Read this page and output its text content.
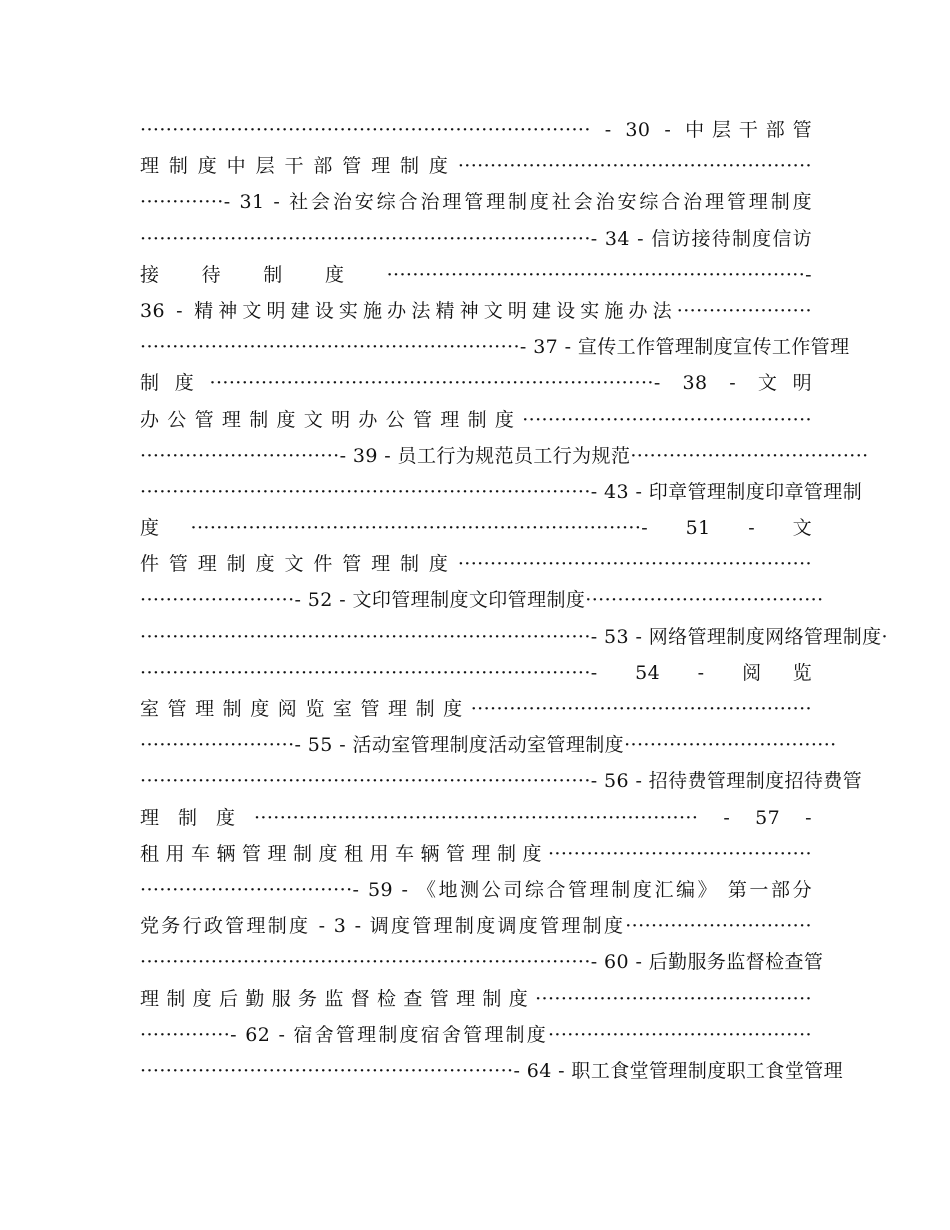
······································································ - 30 - 中层干部管
理制度中层干部管理制度·······················································
·············- 31 - 社会治安综合治理管理制度社会治安综合治理管理制度
······································································- 34 - 信访接待制度信访
接待制度·································································-
36 - 精神文明建设实施办法精神文明建设实施办法·····················
···························································- 37 - 宣传工作管理制度宣传工作管理
制度·····································································- 38 - 文明
办公管理制度文明办公管理制度·············································
·······························- 39 - 员工行为规范员工行为规范·····································
······································································- 43 - 印章管理制度印章管理制
度······································································- 51 - 文
件管理制度文件管理制度·······················································
························- 52 - 文印管理制度文印管理制度·····································
······································································- 53 - 网络管理制度网络管理制度·
······································································- 54 - 阅览
室管理制度阅览室管理制度·····················································
························- 55 - 活动室管理制度活动室管理制度·································
······································································- 56 - 招待费管理制度招待费管
理制度····································································· - 57 -
租用车辆管理制度租用车辆管理制度·········································
·································- 59 - 《地测公司综合管理制度汇编》 第一部分
党务行政管理制度 - 3 - 调度管理制度调度管理制度·····························
······································································- 60 - 后勤服务监督检查管
理制度后勤服务监督检查管理制度···········································
··············- 62 - 宿舍管理制度宿舍管理制度·········································
··························································- 64 - 职工食堂管理制度职工食堂管理
